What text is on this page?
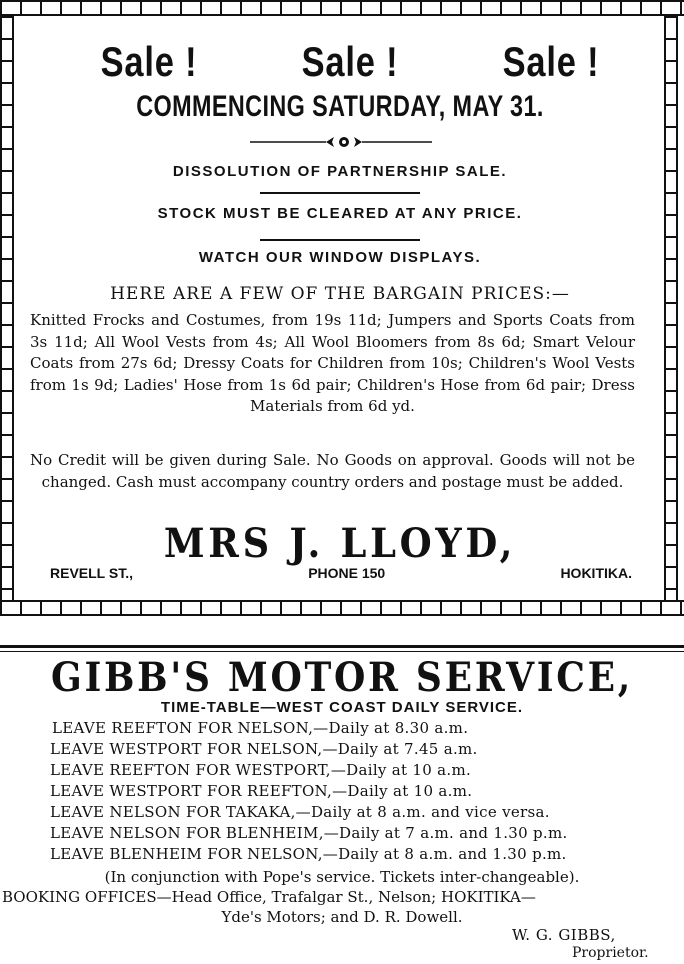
Sale ! Sale ! Sale !
COMMENCING SATURDAY, MAY 31.
DISSOLUTION OF PARTNERSHIP SALE.
STOCK MUST BE CLEARED AT ANY PRICE.
WATCH OUR WINDOW DISPLAYS.
HERE ARE A FEW OF THE BARGAIN PRICES:—
Knitted Frocks and Costumes, from 19s 11d; Jumpers and Sports Coats from 3s 11d; All Wool Vests from 4s; All Wool Bloomers from 8s 6d; Smart Velour Coats from 27s 6d; Dressy Coats for Children from 10s; Children's Wool Vests from 1s 9d; Ladies' Hose from 1s 6d pair; Children's Hose from 6d pair; Dress Materials from 6d yd.
No Credit will be given during Sale. No Goods on approval. Goods will not be changed. Cash must accompany country orders and postage must be added.
MRS J. LLOYD,
REVELL ST.,	PHONE 150	HOKITIKA.
GIBB'S MOTOR SERVICE,
TIME-TABLE—WEST COAST DAILY SERVICE.
LEAVE REEFTON FOR NELSON,—Daily at 8.30 a.m.
LEAVE WESTPORT FOR NELSON,—Daily at 7.45 a.m.
LEAVE REEFTON FOR WESTPORT,—Daily at 10 a.m.
LEAVE WESTPORT FOR REEFTON,—Daily at 10 a.m.
LEAVE NELSON FOR TAKAKA,—Daily at 8 a.m. and vice versa.
LEAVE NELSON FOR BLENHEIM,—Daily at 7 a.m. and 1.30 p.m.
LEAVE BLENHEIM FOR NELSON,—Daily at 8 a.m. and 1.30 p.m.
(In conjunction with Pope's service. Tickets inter-changeable).
BOOKING OFFICES—Head Office, Trafalgar St., Nelson; HOKITIKA—
Yde's Motors; and D. R. Dowell.
W. G. GIBBS,
Proprietor.
